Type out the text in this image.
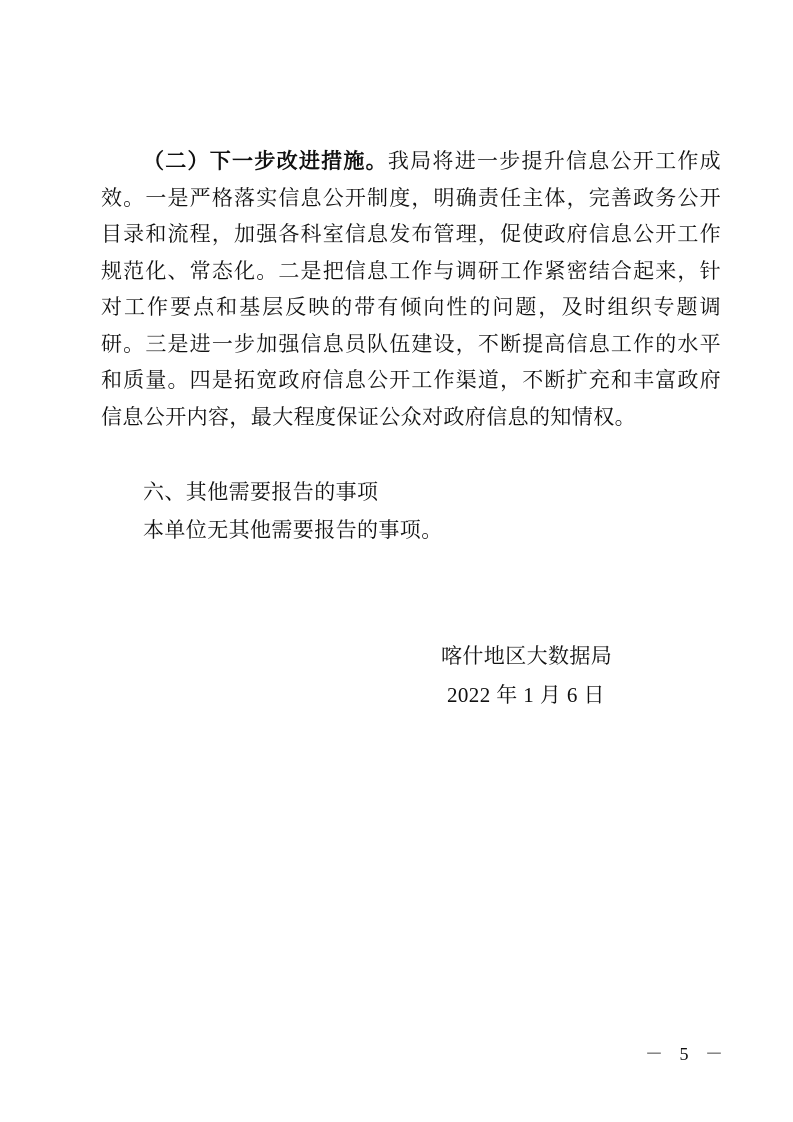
（二）下一步改进措施。我局将进一步提升信息公开工作成效。一是严格落实信息公开制度，明确责任主体，完善政务公开目录和流程，加强各科室信息发布管理，促使政府信息公开工作规范化、常态化。二是把信息工作与调研工作紧密结合起来，针对工作要点和基层反映的带有倾向性的问题，及时组织专题调研。三是进一步加强信息员队伍建设，不断提高信息工作的水平和质量。四是拓宽政府信息公开工作渠道，不断扩充和丰富政府信息公开内容，最大程度保证公众对政府信息的知情权。

六、其他需要报告的事项

本单位无其他需要报告的事项。

喀什地区大数据局
2022 年 1 月 6 日
－ 5 －
